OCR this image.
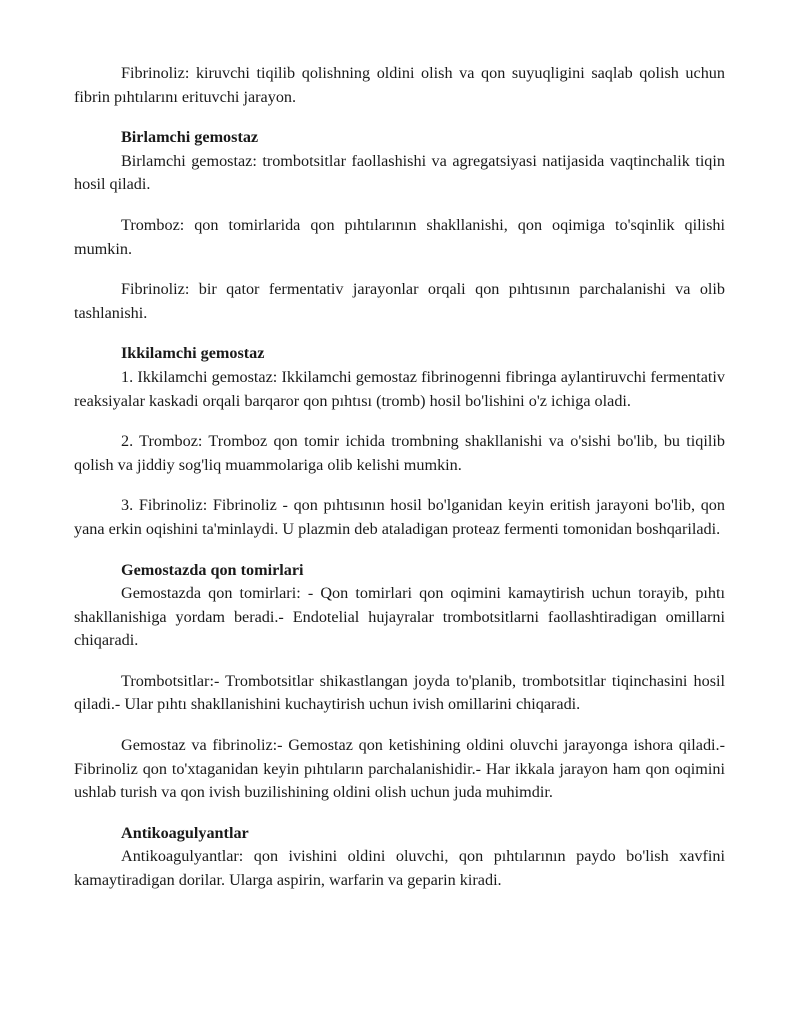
Fibrinoliz: kiruvchi tiqilib qolishning oldini olish va qon suyuqligini saqlab qolish uchun fibrin pıhtılarını erituvchi jarayon.

Birlamchi gemostaz

Birlamchi gemostaz: trombotsitlar faollashishi va agregatsiyasi natijasida vaqtinchalik tiqin hosil qiladi.

Tromboz: qon tomirlarida qon pıhtılarının shakllanishi, qon oqimiga to'sqinlik qilishi mumkin.

Fibrinoliz: bir qator fermentativ jarayonlar orqali qon pıhtısının parchalanishi va olib tashlanishi.

Ikkilamchi gemostaz

1. Ikkilamchi gemostaz: Ikkilamchi gemostaz fibrinogenni fibringa aylantiruvchi fermentativ reaksiyalar kaskadi orqali barqaror qon pıhtısı (tromb) hosil bo'lishini o'z ichiga oladi.

2. Tromboz: Tromboz qon tomir ichida trombning shakllanishi va o'sishi bo'lib, bu tiqilib qolish va jiddiy sog'liq muammolariga olib kelishi mumkin.

3. Fibrinoliz: Fibrinoliz - qon pıhtısının hosil bo'lganidan keyin eritish jarayoni bo'lib, qon yana erkin oqishini ta'minlaydi. U plazmin deb ataladigan proteaz fermenti tomonidan boshqariladi.

Gemostazda qon tomirlari

Gemostazda qon tomirlari: - Qon tomirlari qon oqimini kamaytirish uchun torayib, pıhtı shakllanishiga yordam beradi.- Endotelial hujayralar trombotsitlarni faollashtiradigan omillarni chiqaradi.

Trombotsitlar:- Trombotsitlar shikastlangan joyda to'planib, trombotsitlar tiqinchasini hosil qiladi.- Ular pıhtı shakllanishini kuchaytirish uchun ivish omillarini chiqaradi.

Gemostaz va fibrinoliz:- Gemostaz qon ketishining oldini oluvchi jarayonga ishora qiladi.- Fibrinoliz qon to'xtaganidan keyin pıhtıların parchalanishidir.- Har ikkala jarayon ham qon oqimini ushlab turish va qon ivish buzilishining oldini olish uchun juda muhimdir.

Antikoagulyantlar

Antikoagulyantlar: qon ivishini oldini oluvchi, qon pıhtılarının paydo bo'lish xavfini kamaytiradigan dorilar. Ularga aspirin, warfarin va geparin kiradi.
